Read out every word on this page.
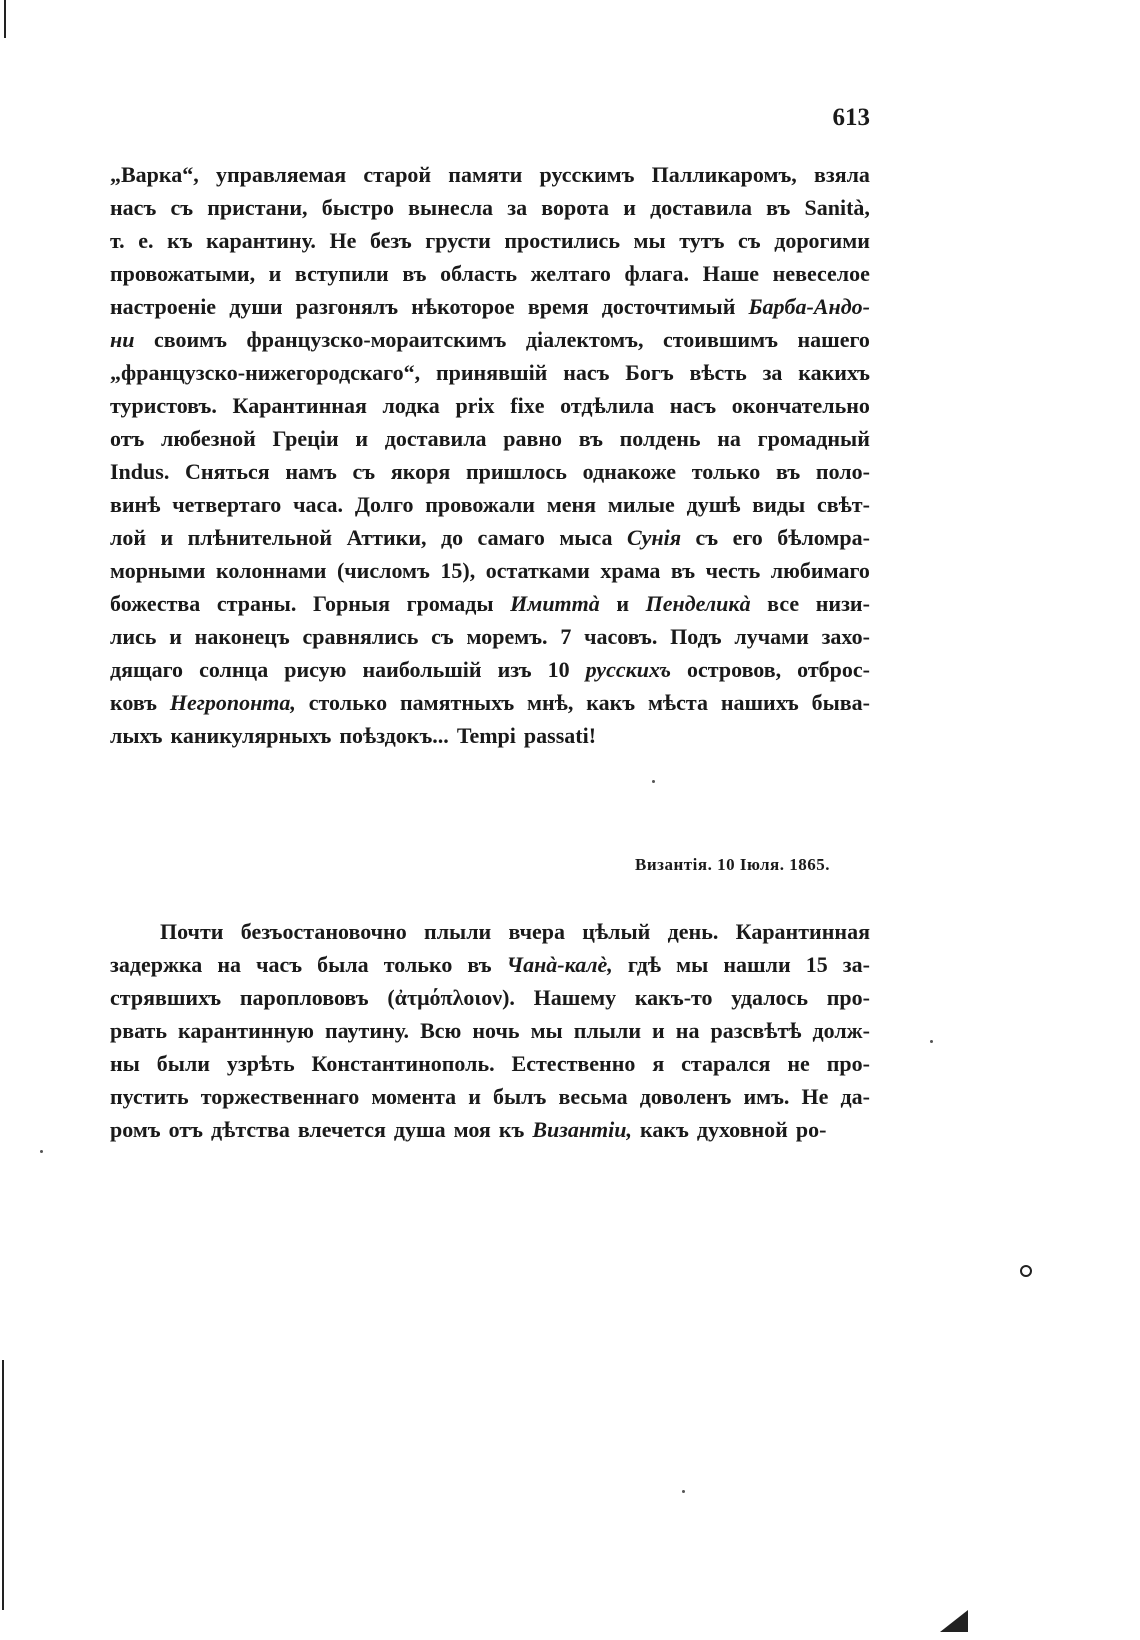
613
„Варка“, управляемая старой памяти русскимъ Палликаромъ, взяла
насъ съ пристани, быстро вынесла за ворота и доставила въ Sanità,
т. е. къ карантину. Не безъ грусти простились мы тутъ съ дорогими
провожатыми, и вступили въ область желтаго флага. Наше невеселое
настроеніе души разгонялъ нѣкоторое время досточтимый Барба-Андо-
ни своимъ французско-мораитскимъ діалектомъ, стоившимъ нашего
„французско-нижегородскаго“, принявшій насъ Богъ вѣсть за какихъ
туристовъ. Карантинная лодка prix fixe отдѣлила насъ окончательно
отъ любезной Греціи и доставила равно въ полдень на громадный
Indus. Сняться намъ съ якоря пришлось однакоже только въ поло-
винѣ четвертаго часа. Долго провожали меня милые душѣ виды свѣт-
лой и плѣнительной Аттики, до самаго мыса Сунія съ его бѣломра-
морными колоннами (числомъ 15), остатками храма въ честь любимаго
божества страны. Горныя громады Имиттà и Пенделикà все низи-
лись и наконецъ сравнялись съ моремъ. 7 часовъ. Подъ лучами захо-
дящаго солнца рисую наибольшій изъ 10 русскихъ островов, отброс-
ковъ Негропонта, столько памятныхъ мнѣ, какъ мѣста нашихъ бывa-
лыхъ каникулярныхъ поѣздокъ... Tempi passati!
Византія. 10 Іюля. 1865.
Почти безъостановочно плыли вчера цѣлый день. Карантинная
задержка на часъ была только въ Чанà-калè, гдѣ мы нашли 15 за-
стрявшихъ пароплововъ (ἀτμόπλοιον). Нашему какъ-то удалось про-
рвать карантинную паутину. Всю ночь мы плыли и на разсвѣтѣ долж-
ны были узрѣть Константинополь. Естественно я старался не про-
пустить торжественнаго момента и былъ весьма доволенъ имъ. Не да-
ромъ отъ дѣтства влечется душа моя къ Византіи, какъ духовной ро-
